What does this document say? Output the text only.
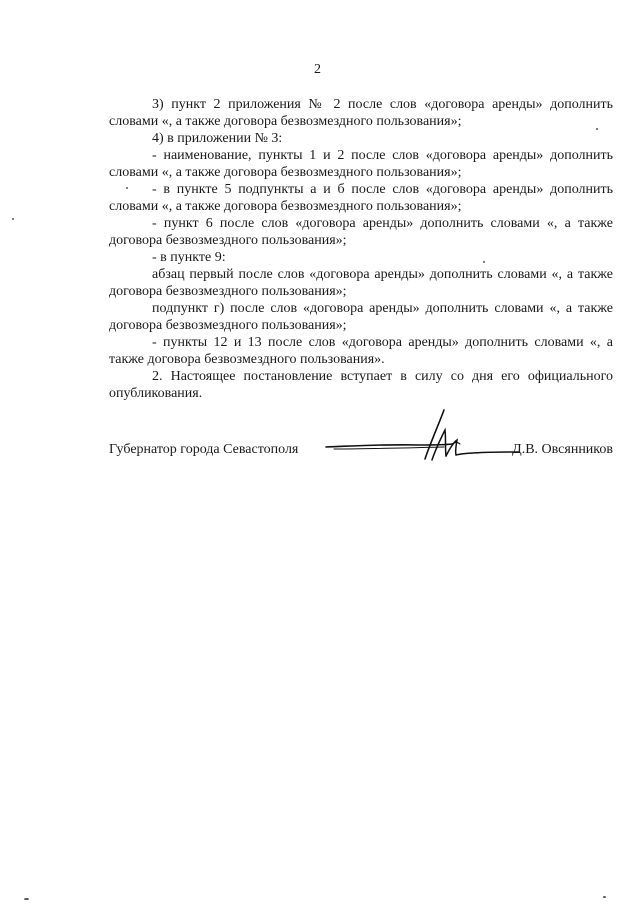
2

3) пункт 2 приложения № 2 после слов «договора аренды» дополнить словами «, а также договора безвозмездного пользования»;

4) в приложении № 3:

- наименование, пункты 1 и 2 после слов «договора аренды» дополнить словами «, а также договора безвозмездного пользования»;

- в пункте 5 подпункты а и б после слов «договора аренды» дополнить словами «, а также договора безвозмездного пользования»;

- пункт 6 после слов «договора аренды» дополнить словами «, а также договора безвозмездного пользования»;

- в пункте 9:

абзац первый после слов «договора аренды» дополнить словами «, а также договора безвозмездного пользования»;

подпункт г) после слов «договора аренды» дополнить словами «, а также договора безвозмездного пользования»;

- пункты 12 и 13 после слов «договора аренды» дополнить словами «, а также договора безвозмездного пользования».

2. Настоящее постановление вступает в силу со дня его официального опубликования.

Губернатор города Севастополя	Д.В. Овсянников
